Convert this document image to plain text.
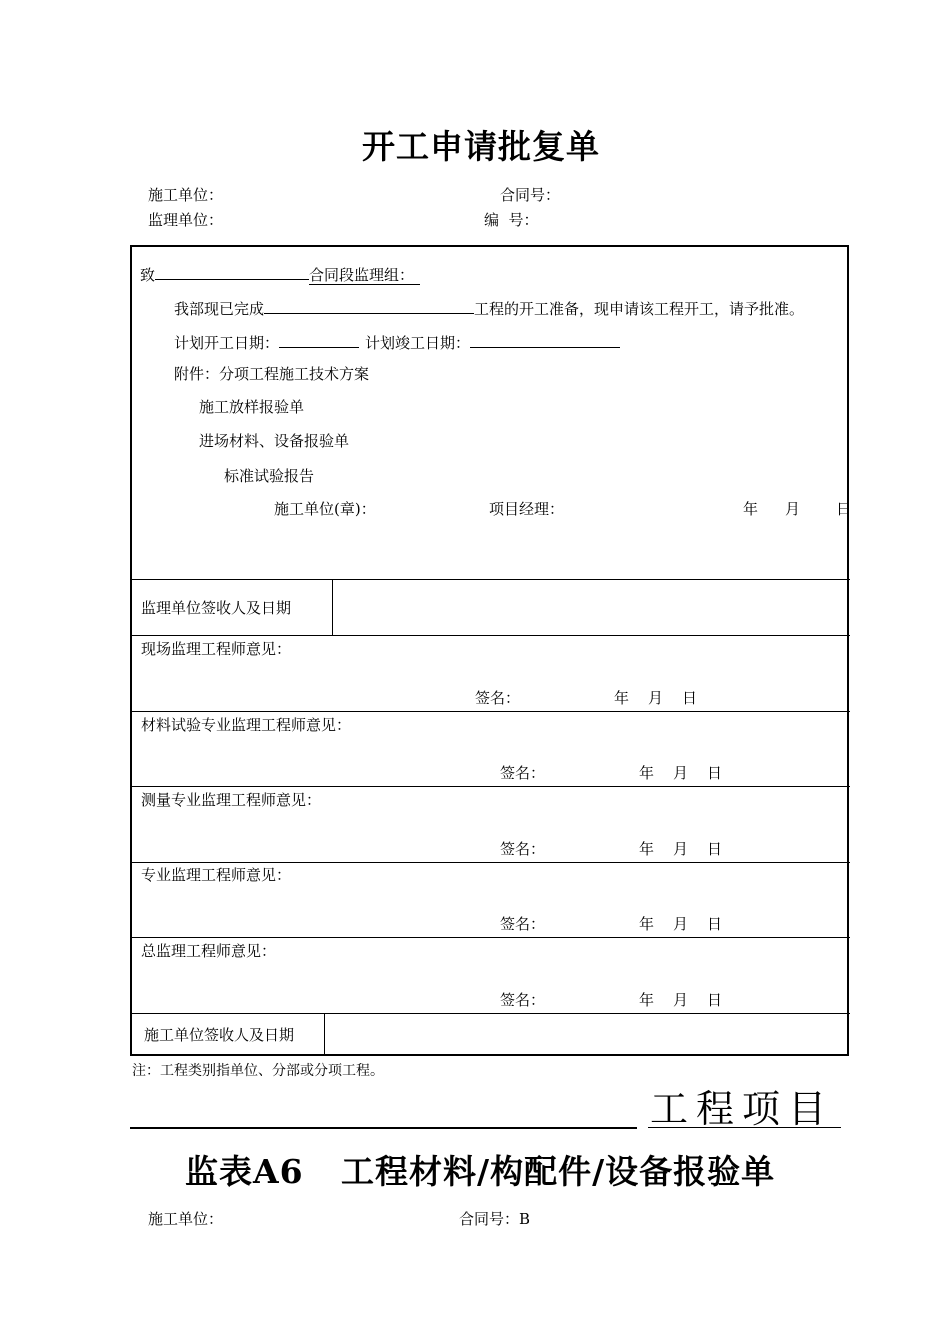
开工申请批复单
施工单位：	合同号：
监理单位：	编  号：
致	合同段监理组：
我部现已完成	工程的开工准备，现申请该工程开工，请予批准。
计划开工日期：	计划竣工日期：
附件：分项工程施工技术方案
施工放样报验单
进场材料、设备报验单
标准试验报告
施工单位(章)：	项目经理：	年 月 日
监理单位签收人及日期
现场监理工程师意见：
签名：	年 月 日
材料试验专业监理工程师意见：
签名：	年 月 日
测量专业监理工程师意见：
签名：	年 月 日
专业监理工程师意见：
签名：	年 月 日
总监理工程师意见：
签名：	年 月 日
施工单位签收人及日期
注：工程类别指单位、分部或分项工程。
工程项目
监表A6   工程材料/构配件/设备报验单
施工单位：	合同号：B
